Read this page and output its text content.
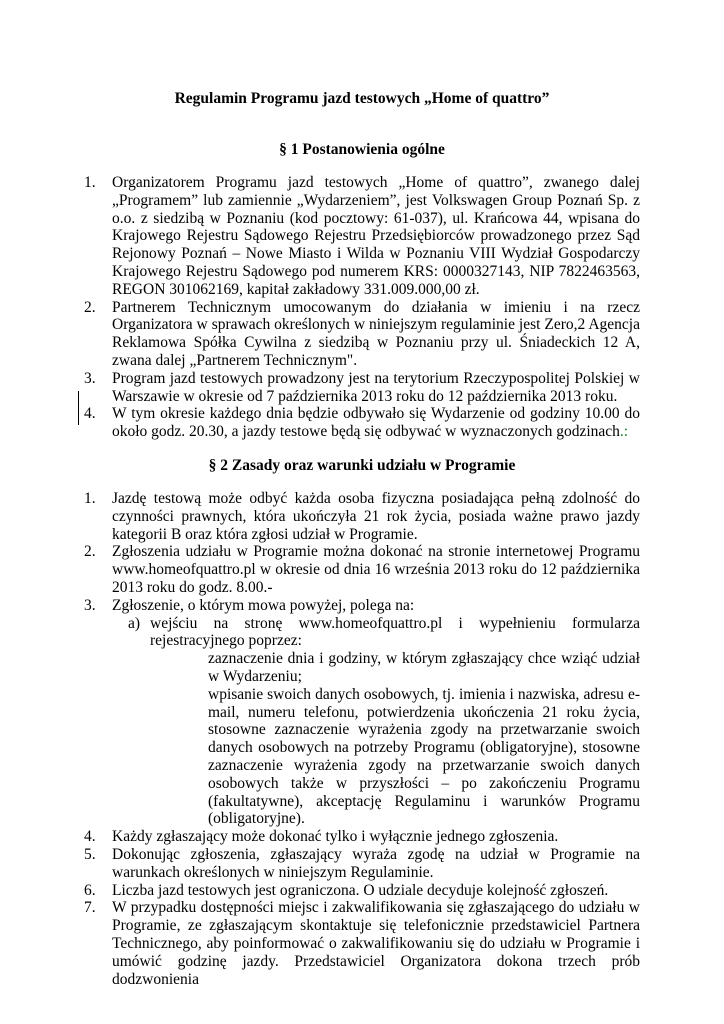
Regulamin Programu jazd testowych „Home of quattro”
§ 1 Postanowienia ogólne
1. Organizatorem Programu jazd testowych „Home of quattro”, zwanego dalej „Programem” lub zamiennie „Wydarzeniem”, jest Volkswagen Group Poznań Sp. z o.o. z siedzibą w Poznaniu (kod pocztowy: 61-037), ul. Krańcowa 44, wpisana do Krajowego Rejestru Sądowego Rejestru Przedsiębiorców prowadzonego przez Sąd Rejonowy Poznań – Nowe Miasto i Wilda w Poznaniu VIII Wydział Gospodarczy Krajowego Rejestru Sądowego pod numerem KRS: 0000327143, NIP 7822463563, REGON 301062169, kapitał zakładowy 331.009.000,00 zł.
2. Partnerem Technicznym umocowanym do działania w imieniu i na rzecz Organizatora w sprawach określonych w niniejszym regulaminie jest Zero,2 Agencja Reklamowa Spółka Cywilna z siedzibą w Poznaniu przy ul. Śniadeckich 12 A, zwana dalej „Partnerem Technicznym".
3. Program jazd testowych prowadzony jest na terytorium Rzeczypospolitej Polskiej w Warszawie w okresie od 7 października 2013 roku do 12 października 2013 roku.
4. W tym okresie każdego dnia będzie odbywało się Wydarzenie od godziny 10.00 do około godz. 20.30, a jazdy testowe będą się odbywać w wyznaczonych godzinach.:
§ 2 Zasady oraz warunki udziału w Programie
1. Jazdę testową może odbyć każda osoba fizyczna posiadająca pełną zdolność do czynności prawnych, która ukończyła 21 rok życia, posiada ważne prawo jazdy kategorii B oraz która zgłosi udział w Programie.
2. Zgłoszenia udziału w Programie można dokonać na stronie internetowej Programu www.homeofquattro.pl w okresie od dnia 16 września 2013 roku do 12 października 2013 roku do godz. 8.00.-
3. Zgłoszenie, o którym mowa powyżej, polega na:
a) wejściu na stronę www.homeofquattro.pl i wypełnieniu formularza rejestracyjnego poprzez:
zaznaczenie dnia i godziny, w którym zgłaszający chce wziąć udział w Wydarzeniu;
wpisanie swoich danych osobowych, tj. imienia i nazwiska, adresu e-mail, numeru telefonu, potwierdzenia ukończenia 21 roku życia, stosowne zaznaczenie wyrażenia zgody na przetwarzanie swoich danych osobowych na potrzeby Programu (obligatoryjne), stosowne zaznaczenie wyrażenia zgody na przetwarzanie swoich danych osobowych także w przyszłości – po zakończeniu Programu (fakultatywne), akceptację Regulaminu i warunków Programu (obligatoryjne).
4. Każdy zgłaszający może dokonać tylko i wyłącznie jednego zgłoszenia.
5. Dokonując zgłoszenia, zgłaszający wyraża zgodę na udział w Programie na warunkach określonych w niniejszym Regulaminie.
6. Liczba jazd testowych jest ograniczona. O udziale decyduje kolejność zgłoszeń.
7. W przypadku dostępności miejsc i zakwalifikowania się zgłaszającego do udziału w Programie, ze zgłaszającym skontaktuje się telefonicznie przedstawiciel Partnera Technicznego, aby poinformować o zakwalifikowaniu się do udziału w Programie i umówić godzinę jazdy. Przedstawiciel Organizatora dokona trzech prób dodzwonienia
